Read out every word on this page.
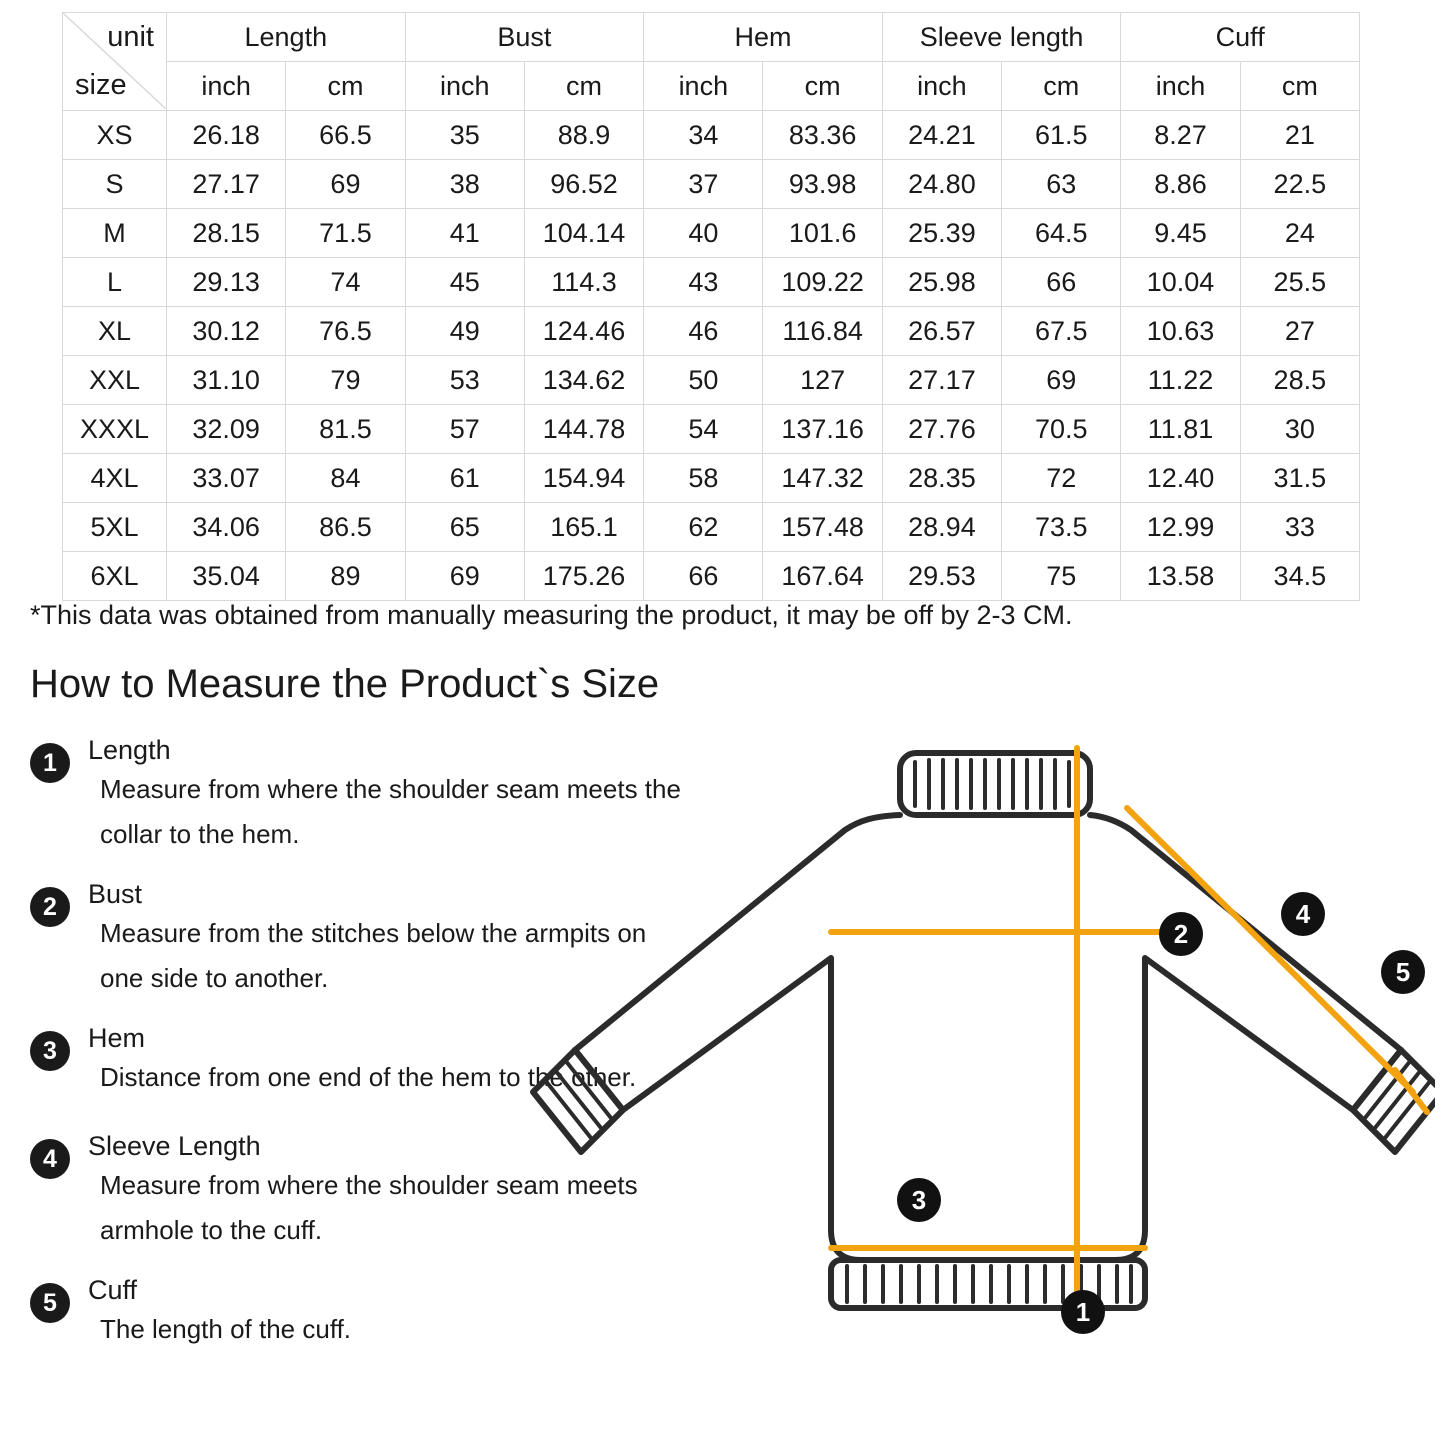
unit
size	Length		Bust		Hem		Sleeve length		Cuff	
	inch	cm	inch	cm	inch	cm	inch	cm	inch	cm
XS	26.18	66.5	35	88.9	34	83.36	24.21	61.5	8.27	21
S	27.17	69	38	96.52	37	93.98	24.80	63	8.86	22.5
M	28.15	71.5	41	104.14	40	101.6	25.39	64.5	9.45	24
L	29.13	74	45	114.3	43	109.22	25.98	66	10.04	25.5
XL	30.12	76.5	49	124.46	46	116.84	26.57	67.5	10.63	27
XXL	31.10	79	53	134.62	50	127	27.17	69	11.22	28.5
XXXL	32.09	81.5	57	144.78	54	137.16	27.76	70.5	11.81	30
4XL	33.07	84	61	154.94	58	147.32	28.35	72	12.40	31.5
5XL	34.06	86.5	65	165.1	62	157.48	28.94	73.5	12.99	33
6XL	35.04	89	69	175.26	66	167.64	29.53	75	13.58	34.5
*This data was obtained from manually measuring the product, it may be off by 2-3 CM.
How to Measure the Product`s Size
1	Length
Measure from where the shoulder seam meets the collar to the hem.
2	Bust
Measure from the stitches below the armpits on one side to another.
3	Hem
Distance from one end of the hem to the other.
4	Sleeve Length
Measure from where the shoulder seam meets armhole to the cuff.
5	Cuff
The length of the cuff.
1
2
3
4
5
